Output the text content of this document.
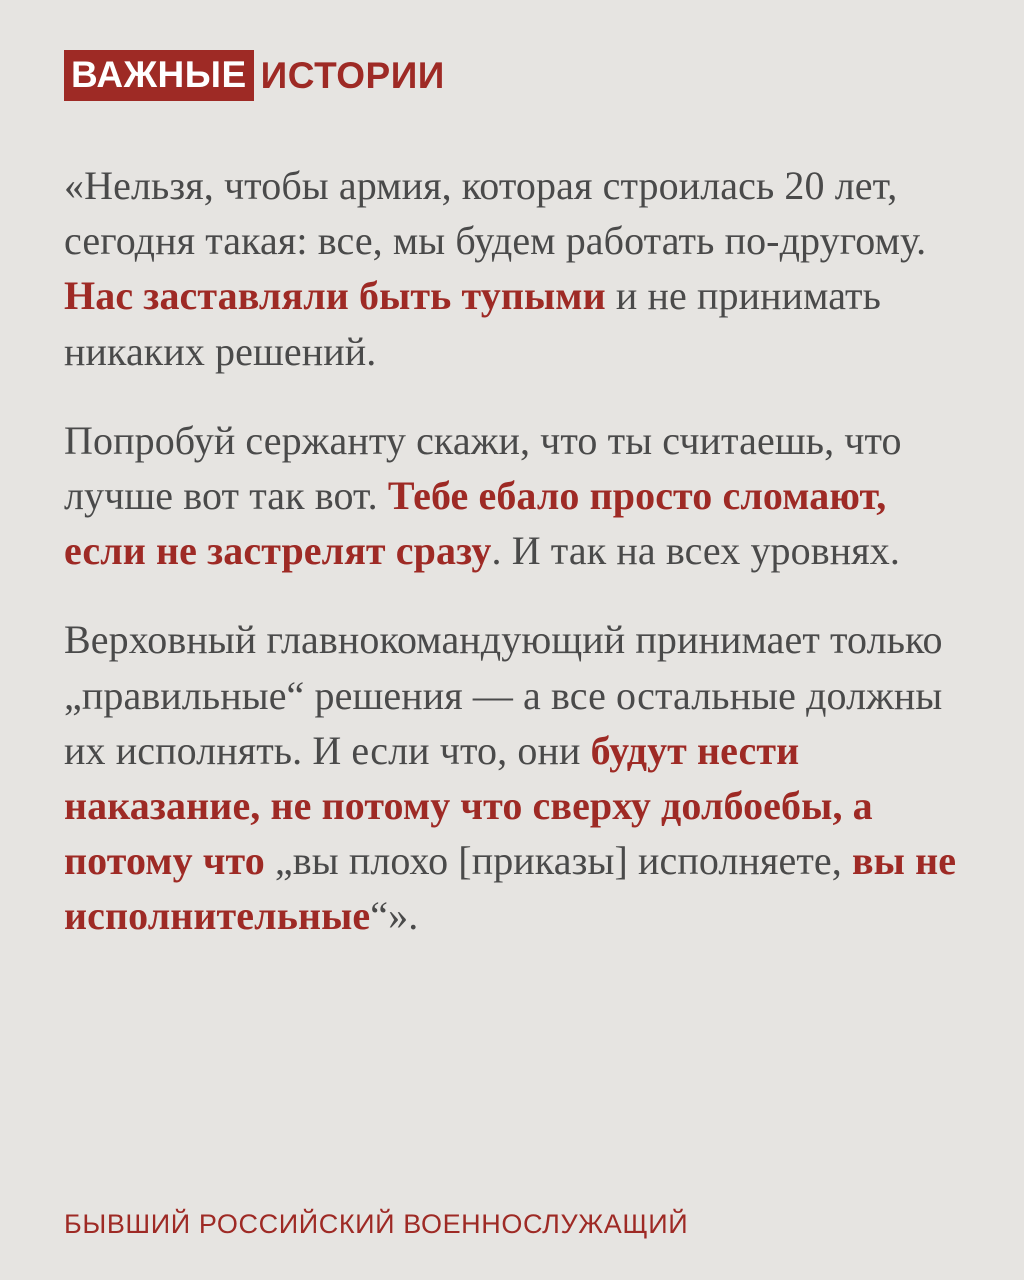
ВАЖНЫЕ ИСТОРИИ

«Нельзя, чтобы армия, которая строилась 20 лет, сегодня такая: все, мы будем работать по-другому. Нас заставляли быть тупыми и не принимать никаких решений.

Попробуй сержанту скажи, что ты считаешь, что лучше вот так вот. Тебе ебало просто сломают, если не застрелят сразу. И так на всех уровнях.

Верховный главнокомандующий принимает только „правильные“ решения — а все остальные должны их исполнять. И если что, они будут нести наказание, не потому что сверху долбоебы, а потому что „вы плохо [приказы] исполняете, вы не исполнительные“».

БЫВШИЙ РОССИЙСКИЙ ВОЕННОСЛУЖАЩИЙ
